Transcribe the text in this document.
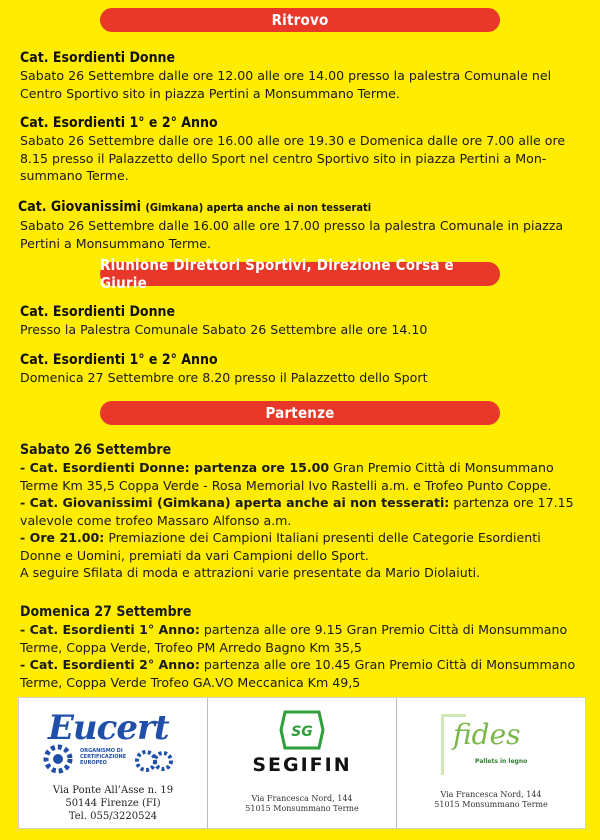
Ritrovo
Cat. Esordienti Donne
Sabato 26 Settembre dalle ore 12.00 alle ore 14.00 presso la palestra Comunale nel
Centro Sportivo sito in piazza Pertini a Monsummano Terme.
Cat. Esordienti 1° e 2° Anno
Sabato 26 Settembre dalle ore 16.00 alle ore 19.30 e Domenica dalle ore 7.00 alle ore
8.15 presso il Palazzetto dello Sport nel centro Sportivo sito in piazza Pertini a Mon-
summano Terme.
Cat. Giovanissimi (Gimkana) aperta anche ai non tesserati
Sabato 26 Settembre dalle 16.00 alle ore 17.00 presso la palestra Comunale in piazza
Pertini a Monsummano Terme.
Riunione Direttori Sportivi, Direzione Corsa e Giurie
Cat. Esordienti Donne
Presso la Palestra Comunale Sabato 26 Settembre alle ore 14.10
Cat. Esordienti 1° e 2° Anno
Domenica 27 Settembre ore 8.20 presso il Palazzetto dello Sport
Partenze
Sabato 26 Settembre
- Cat. Esordienti Donne: partenza ore 15.00 Gran Premio Città di Monsummano
Terme Km 35,5 Coppa Verde - Rosa Memorial Ivo Rastelli a.m. e Trofeo Punto Coppe.
- Cat. Giovanissimi (Gimkana) aperta anche ai non tesserati: partenza ore 17.15
valevole come trofeo Massaro Alfonso a.m.
- Ore 21.00: Premiazione dei Campioni Italiani presenti delle Categorie Esordienti
Donne e Uomini, premiati da vari Campioni dello Sport.
A seguire Sfilata di moda e attrazioni varie presentate da Mario Diolaiuti.
Domenica 27 Settembre
- Cat. Esordienti 1° Anno: partenza alle ore 9.15 Gran Premio Città di Monsummano
Terme, Coppa Verde, Trofeo PM Arredo Bagno Km 35,5
- Cat. Esordienti 2° Anno: partenza alle ore 10.45 Gran Premio Città di Monsummano
Terme, Coppa Verde Trofeo GA.VO Meccanica Km 49,5
Eucert
ORGANISMO DI CERTIFICAZIONE EUROPEO
Via Ponte All’Asse n. 19
50144 Firenze (FI)
Tel. 055/3220524
SG
SEGIFIN
Via Francesca Nord, 144
51015 Monsummano Terme
fides
Pallets in legno
Via Francesca Nord, 144
51015 Monsummano Terme
